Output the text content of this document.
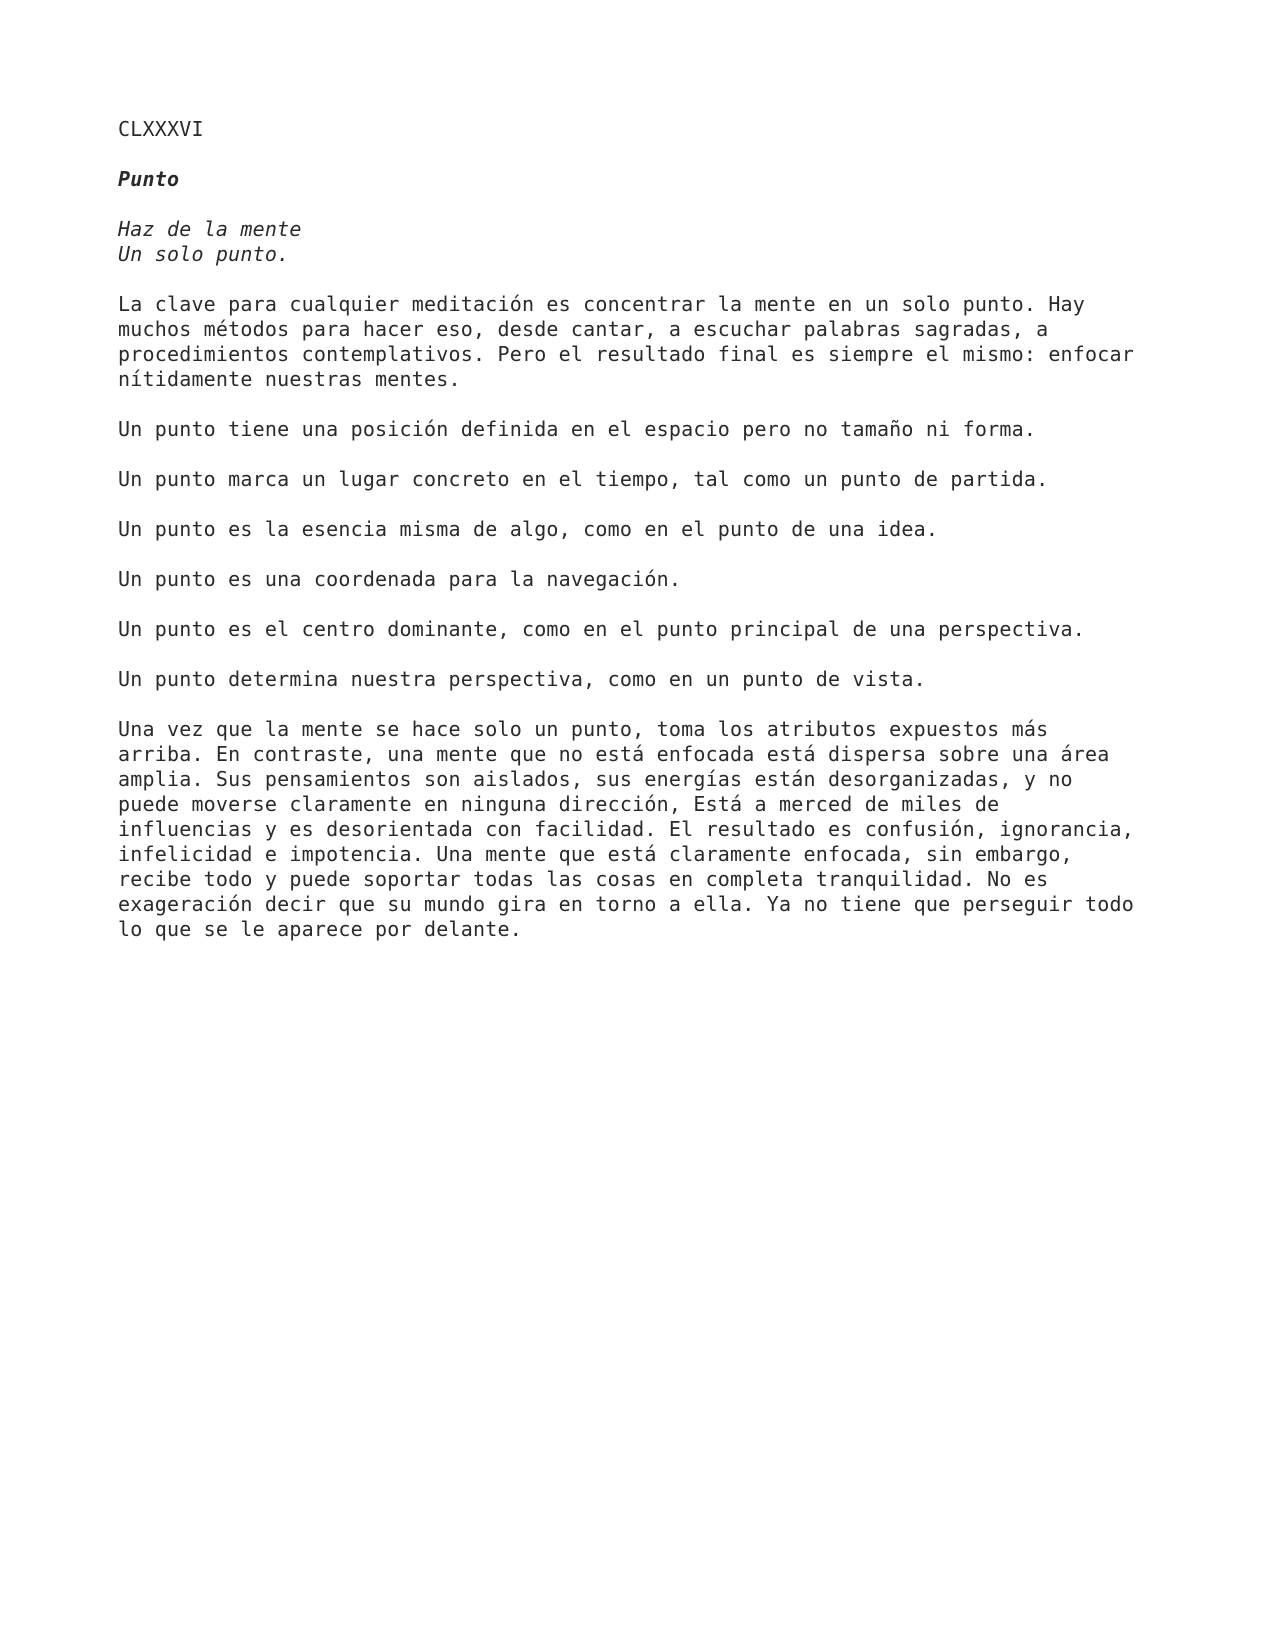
CLXXXVI
Punto
Haz de la mente
Un solo punto.
La clave para cualquier meditación es concentrar la mente en un solo punto. Hay
muchos métodos para hacer eso, desde cantar, a escuchar palabras sagradas, a
procedimientos contemplativos. Pero el resultado final es siempre el mismo: enfocar
nítidamente nuestras mentes.
Un punto tiene una posición definida en el espacio pero no tamaño ni forma.
Un punto marca un lugar concreto en el tiempo, tal como un punto de partida.
Un punto es la esencia misma de algo, como en el punto de una idea.
Un punto es una coordenada para la navegación.
Un punto es el centro dominante, como en el punto principal de una perspectiva.
Un punto determina nuestra perspectiva, como en un punto de vista.
Una vez que la mente se hace solo un punto, toma los atributos expuestos más
arriba. En contraste, una mente que no está enfocada está dispersa sobre una área
amplia. Sus pensamientos son aislados, sus energías están desorganizadas, y no
puede moverse claramente en ninguna dirección, Está a merced de miles de
influencias y es desorientada con facilidad. El resultado es confusión, ignorancia,
infelicidad e impotencia. Una mente que está claramente enfocada, sin embargo,
recibe todo y puede soportar todas las cosas en completa tranquilidad. No es
exageración decir que su mundo gira en torno a ella. Ya no tiene que perseguir todo
lo que se le aparece por delante.
